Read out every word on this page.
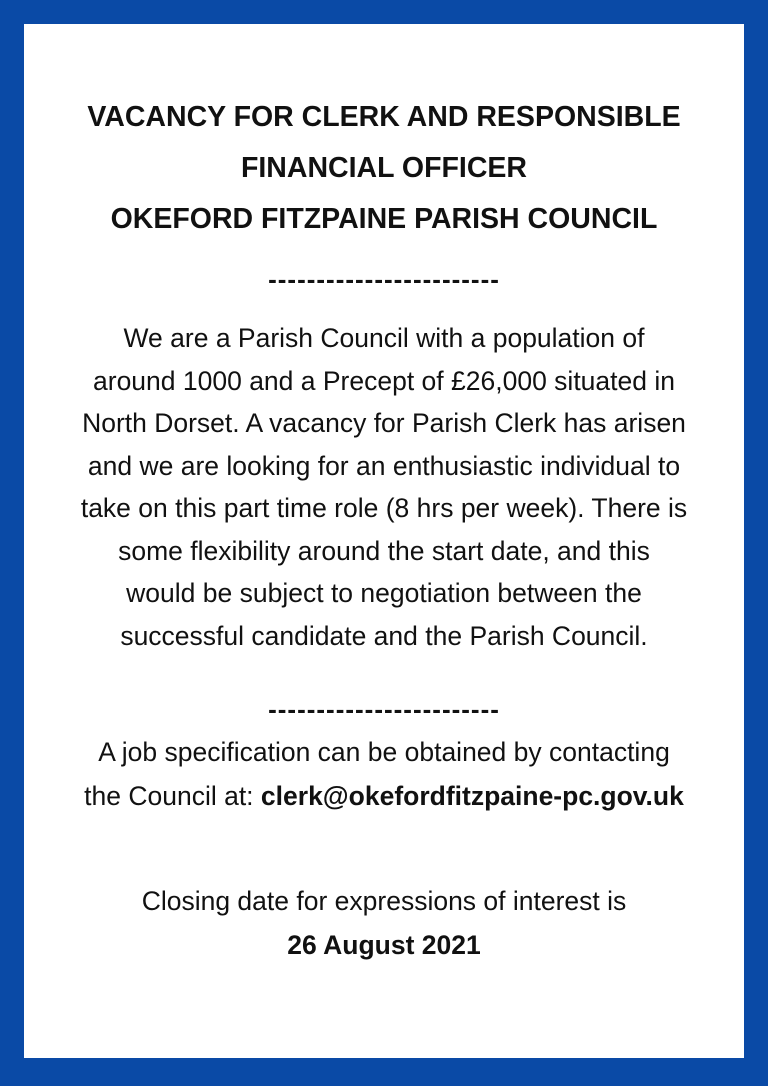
VACANCY FOR CLERK AND RESPONSIBLE
FINANCIAL OFFICER
OKEFORD FITZPAINE PARISH COUNCIL
------------------------
We are a Parish Council with a population of
around 1000 and a Precept of £26,000 situated in
North Dorset. A vacancy for Parish Clerk has arisen
and we are looking for an enthusiastic individual to
take on this part time role (8 hrs per week). There is
some flexibility around the start date, and this
would be subject to negotiation between the
successful candidate and the Parish Council.
------------------------
A job specification can be obtained by contacting
the Council at: clerk@okefordfitzpaine-pc.gov.uk
Closing date for expressions of interest is
26 August 2021
